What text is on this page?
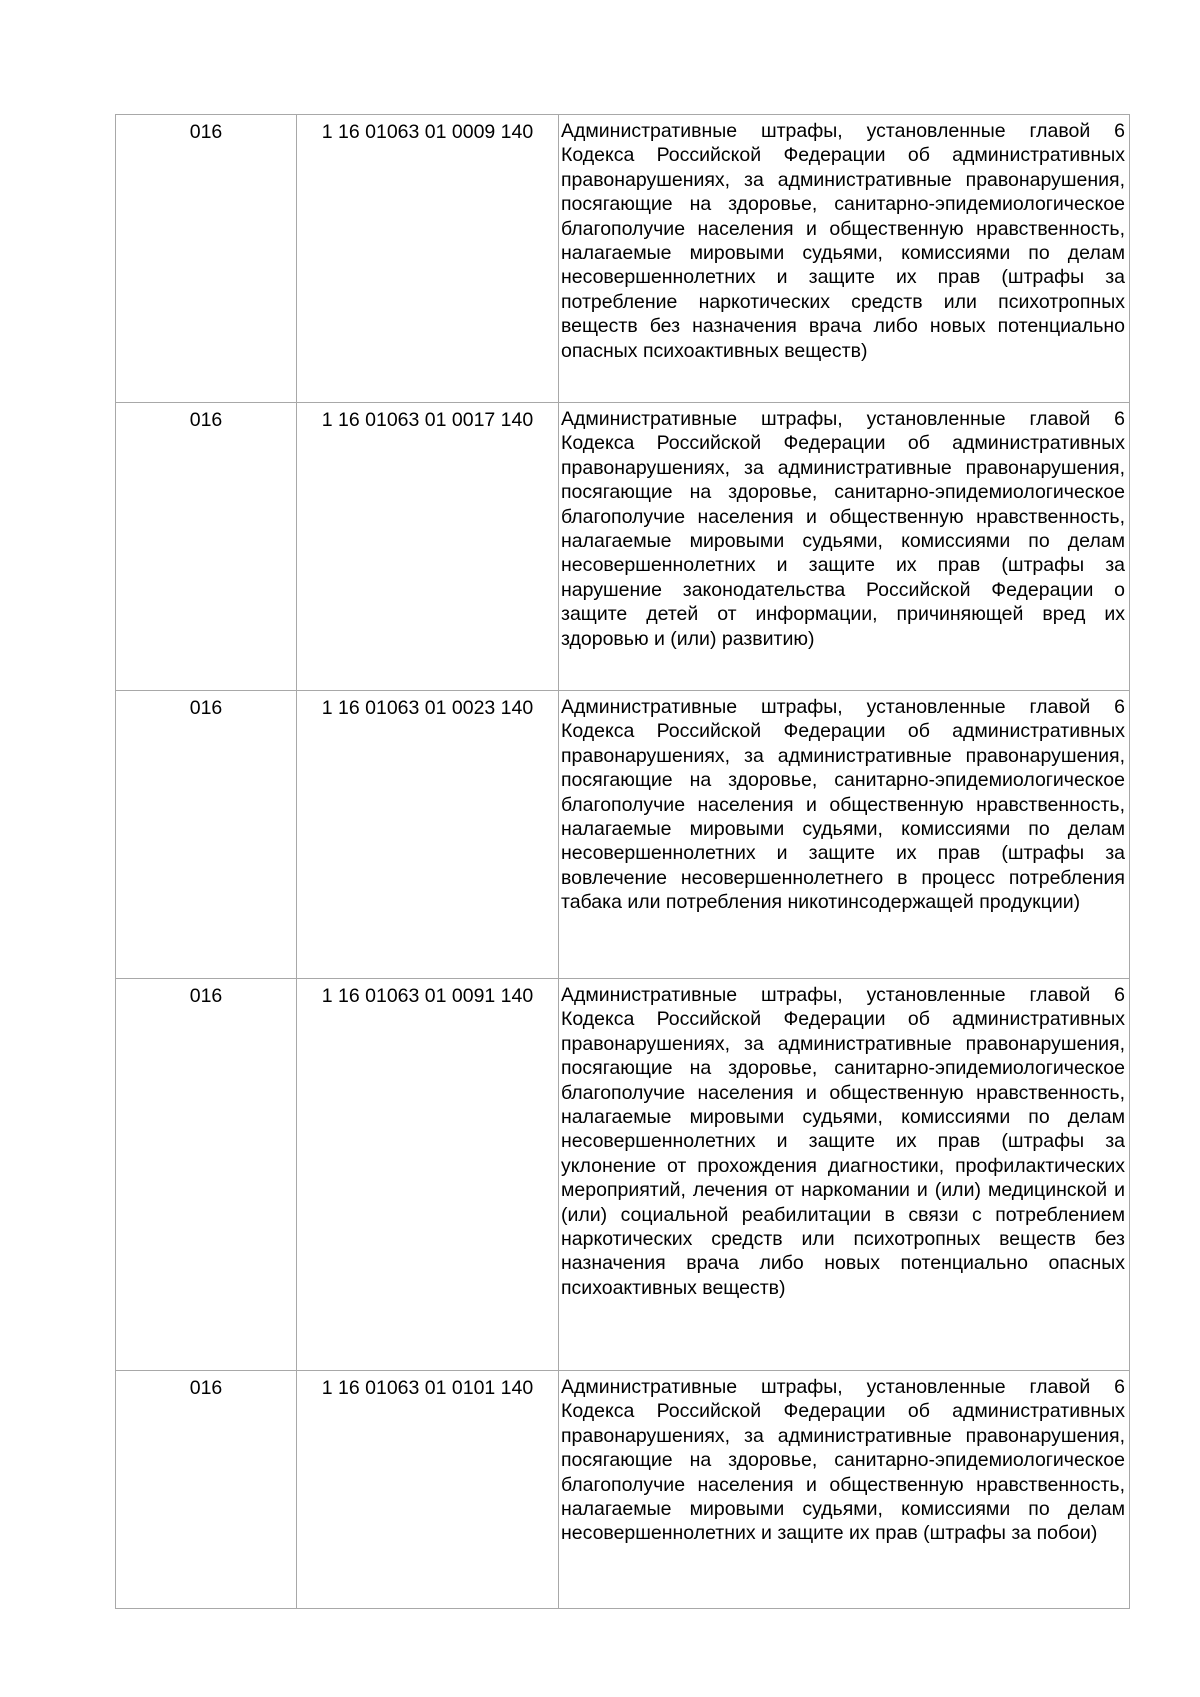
016	1 16 01063 01 0009 140	Административные штрафы, установленные главой 6 Кодекса Российской Федерации об административных правонарушениях, за административные правонарушения, посягающие на здоровье, санитарно-эпидемиологическое благополучие населения и общественную нравственность, налагаемые мировыми судьями, комиссиями по делам несовершеннолетних и защите их прав (штрафы за потребление наркотических средств или психотропных веществ без назначения врача либо новых потенциально опасных психоактивных веществ)

016	1 16 01063 01 0017 140	Административные штрафы, установленные главой 6 Кодекса Российской Федерации об административных правонарушениях, за административные правонарушения, посягающие на здоровье, санитарно-эпидемиологическое благополучие населения и общественную нравственность, налагаемые мировыми судьями, комиссиями по делам несовершеннолетних и защите их прав (штрафы за нарушение законодательства Российской Федерации о защите детей от информации, причиняющей вред их здоровью и (или) развитию)

016	1 16 01063 01 0023 140	Административные штрафы, установленные главой 6 Кодекса Российской Федерации об административных правонарушениях, за административные правонарушения, посягающие на здоровье, санитарно-эпидемиологическое благополучие населения и общественную нравственность, налагаемые мировыми судьями, комиссиями по делам несовершеннолетних и защите их прав (штрафы за вовлечение несовершеннолетнего в процесс потребления табака или потребления никотинсодержащей продукции)

016	1 16 01063 01 0091 140	Административные штрафы, установленные главой 6 Кодекса Российской Федерации об административных правонарушениях, за административные правонарушения, посягающие на здоровье, санитарно-эпидемиологическое благополучие населения и общественную нравственность, налагаемые мировыми судьями, комиссиями по делам несовершеннолетних и защите их прав (штрафы за уклонение от прохождения диагностики, профилактических мероприятий, лечения от наркомании и (или) медицинской и (или) социальной реабилитации в связи с потреблением наркотических средств или психотропных веществ без назначения врача либо новых потенциально опасных психоактивных веществ)

016	1 16 01063 01 0101 140	Административные штрафы, установленные главой 6 Кодекса Российской Федерации об административных правонарушениях, за административные правонарушения, посягающие на здоровье, санитарно-эпидемиологическое благополучие населения и общественную нравственность, налагаемые мировыми судьями, комиссиями по делам несовершеннолетних и защите их прав (штрафы за побои)
